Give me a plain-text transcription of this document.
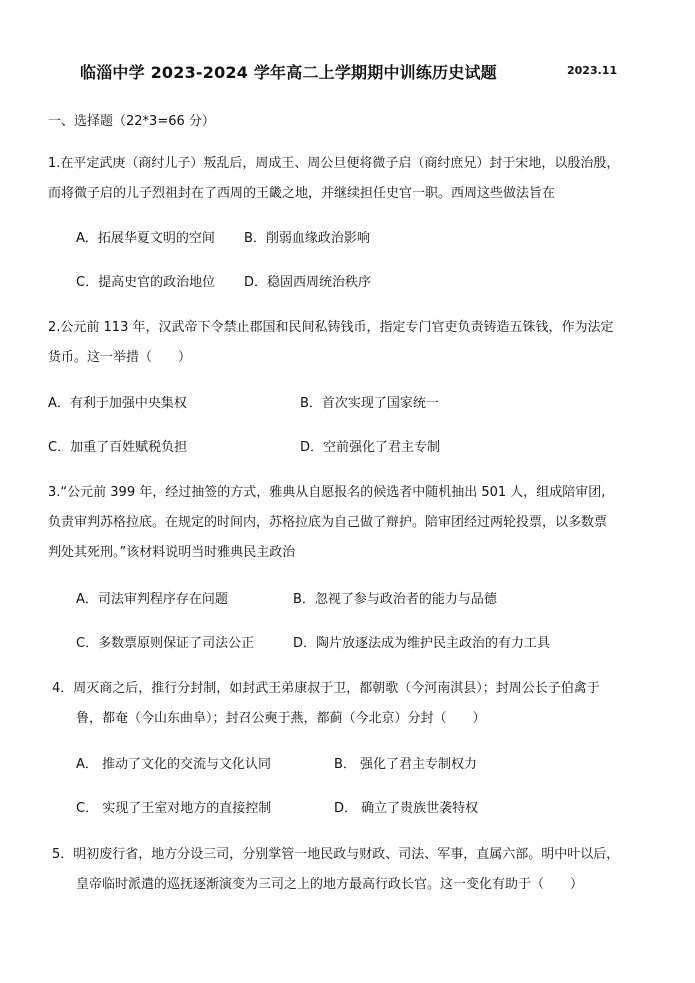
临淄中学 2023-2024 学年高二上学期期中训练历史试题	2023.11
一、选择题（22*3=66 分）
1.在平定武庚（商纣儿子）叛乱后，周成王、周公旦便将微子启（商纣庶兄）封于宋地，以殷治殷，
而将微子启的儿子烈祖封在了西周的王畿之地，并继续担任史官一职。西周这些做法旨在
A．拓展华夏文明的空间 B．削弱血缘政治影响
C．提高史官的政治地位 D．稳固西周统治秩序
2.公元前 113 年，汉武帝下令禁止郡国和民间私铸钱币，指定专门官吏负责铸造五铢钱，作为法定
货币。这一举措（　　）
A．有利于加强中央集权	B．首次实现了国家统一
C．加重了百姓赋税负担	D．空前强化了君主专制
3.“公元前 399 年，经过抽签的方式，雅典从自愿报名的候选者中随机抽出 501 人，组成陪审团,
负责审判苏格拉底。在规定的时间内，苏格拉底为自己做了辩护。陪审团经过两轮投票，以多数票
判处其死刑。”该材料说明当时雅典民主政治
A．司法审判程序存在问题	B．忽视了参与政治者的能力与品德
C．多数票原则保证了司法公正	D．陶片放逐法成为维护民主政治的有力工具
4．周灭商之后，推行分封制，如封武王弟康叔于卫，都朝歌（今河南淇县）；封周公长子伯禽于
鲁，都奄（今山东曲阜）；封召公奭于燕，都蓟（今北京）分封（　　）
A． 推动了文化的交流与文化认同	B． 强化了君主专制权力
C． 实现了王室对地方的直接控制	D． 确立了贵族世袭特权
5．明初废行省，地方分设三司，分别掌管一地民政与财政、司法、军事，直属六部。明中叶以后，
皇帝临时派遣的巡抚逐渐演变为三司之上的地方最高行政长官。这一变化有助于（　　）
